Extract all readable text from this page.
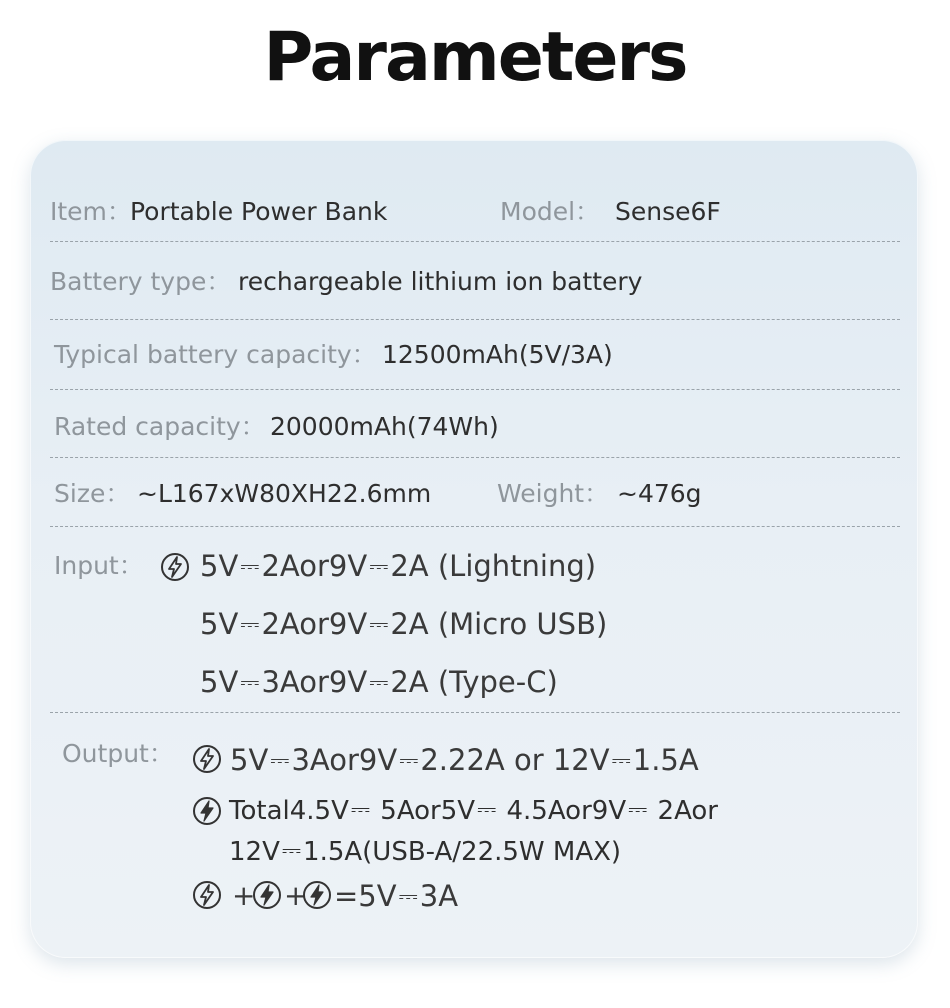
Parameters
Item：
Portable Power Bank	Model： Sense6F
Battery type： rechargeable lithium ion battery
Typical battery capacity： 12500mAh(5V/3A)
Rated capacity： 20000mAh(74Wh)
Size： ~L167xW80XH22.6mm	Weight： ~476g
Input： 5V⎓2Aor9V⎓2A (Lightning)
5V⎓2Aor9V⎓2A (Micro USB)
5V⎓3Aor9V⎓2A (Type-C)
Output： 5V⎓3Aor9V⎓2.22A or 12V⎓1.5A
Total4.5V⎓ 5Aor5V⎓ 4.5Aor9V⎓ 2Aor
12V⎓1.5A(USB-A/22.5W MAX)
+ + =5V⎓3A
